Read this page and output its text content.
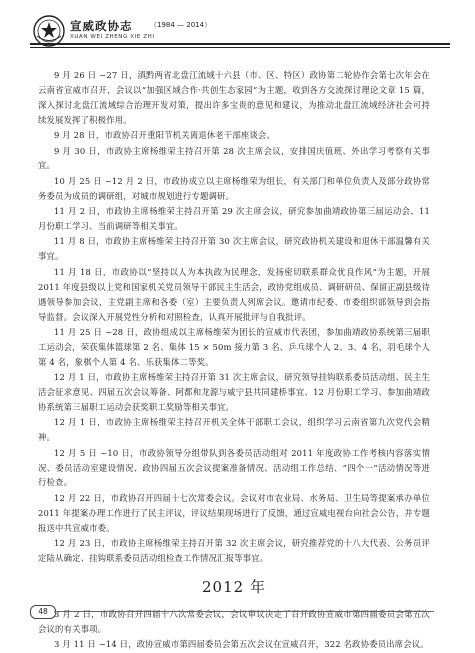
宣威政协志	（1984 — 2014）
XUAN WEI ZHENG XIE ZHI

9 月 26 日 ~27 日，滇黔两省北盘江流域十六县（市、区、特区）政协第二轮协作会第七次年会在云南省宣威市召开，会议以“加强区域合作·共创生态家园”为主题，收到各方交流探讨理论文章 15 篇，深入探讨北盘江流域综合治理开发对策，提出许多宝贵的意见和建议，为推动北盘江流域经济社会可持续发展发挥了积极作用。

9 月 28 日，市政协召开重阳节机关离退休老干部座谈会。

9 月 30 日，市政协主席杨维荣主持召开第 28 次主席会议，安排国庆值班、外出学习考察有关事宜。

10 月 25 日 ~12 月 2 日，市政协成立以主席杨维荣为组长，有关部门和单位负责人及部分政协常务委员为成员的调研组，对城市规划进行专题调研。

11 月 2 日，市政协主席杨维荣主持召开第 29 次主席会议，研究参加曲靖政协第三届运动会、11 月份职工学习、当前调研等相关事宜。

11 月 8 日，市政协主席杨维荣主持召开第 30 次主席会议，研究政协机关建设和退休干部温馨有关事宜。

11 月 18 日，市政协以“坚持以人为本执政为民理念，发扬密切联系群众优良作风”为主题，开展 2011 年度县级以上党和国家机关党员领导干部民主生活会，政协党组成员、调研研员、保留正副县级待遇领导参加会议，主党副主席和各委（室）主要负责人列席会议。邀请市纪委、市委组织部领导到会指导监督。会议深入开展党性分析和对照检查，认真开展批评与自我批评。

11 月 25 日 ~28 日，政协组成以主席杨维荣为团长的宣威市代表团，参加曲靖政协系统第三届职工运动会，荣获集体篮球第 2 名、集体 15 × 50m 接力第 3 名、乒乓球个人 2、3、4 名，羽毛球个人第 4 名，象棋个人第 4 名、乐获集体二等奖。

12 月 1 日，市政协主席杨维荣主持召开第 31 次主席会议，研究领导挂钩联系委员活动组、民主生活会征求意见、四届五次会议筹备、阿都和龙源与威宁县共同建桥事宜、12 月份职工学习、参加曲靖政协系统第三届职工运动会获奖职工奖励等相关事宜。

12 月 1 日，市政协主席杨维荣主持召开机关全体干部职工会议，组织学习云南省第九次党代会精神。

12 月 5 日 ~10 日，市政协领导分组带队到各委员活动组对 2011 年度政协工作考核内容落实情况、委员活动室建设情况、政协四届五次会议提案准备情况、活动组工作总结、“四个一”活动情况等进行检查。

12 月 22 日，市政协召开四届十七次常委会议。会议对市农业局、水务局、卫生局等提案承办单位 2011 年提案办理工作进行了民主评议，评议结果现场进行了反馈，通过宣威电视台向社会公告，并专题报送中共宣威市委。

12 月 23 日，市政协主席杨维荣主持召开第 32 次主席会议，研究推荐党的十八大代表、公务员评定陆从确定、挂钩联系委员活动组检查工作情况汇报等事宜。

2012 年

3 月 2 日，市政协召开四届十八次常委会议，会议审议决定了召开政协宣威市第四届委员会第五次会议的有关事项。

3 月 11 日 ~14 日，政协宣威市第四届委员会第五次会议在宣威召开，322 名政协委员出席会议。

48
